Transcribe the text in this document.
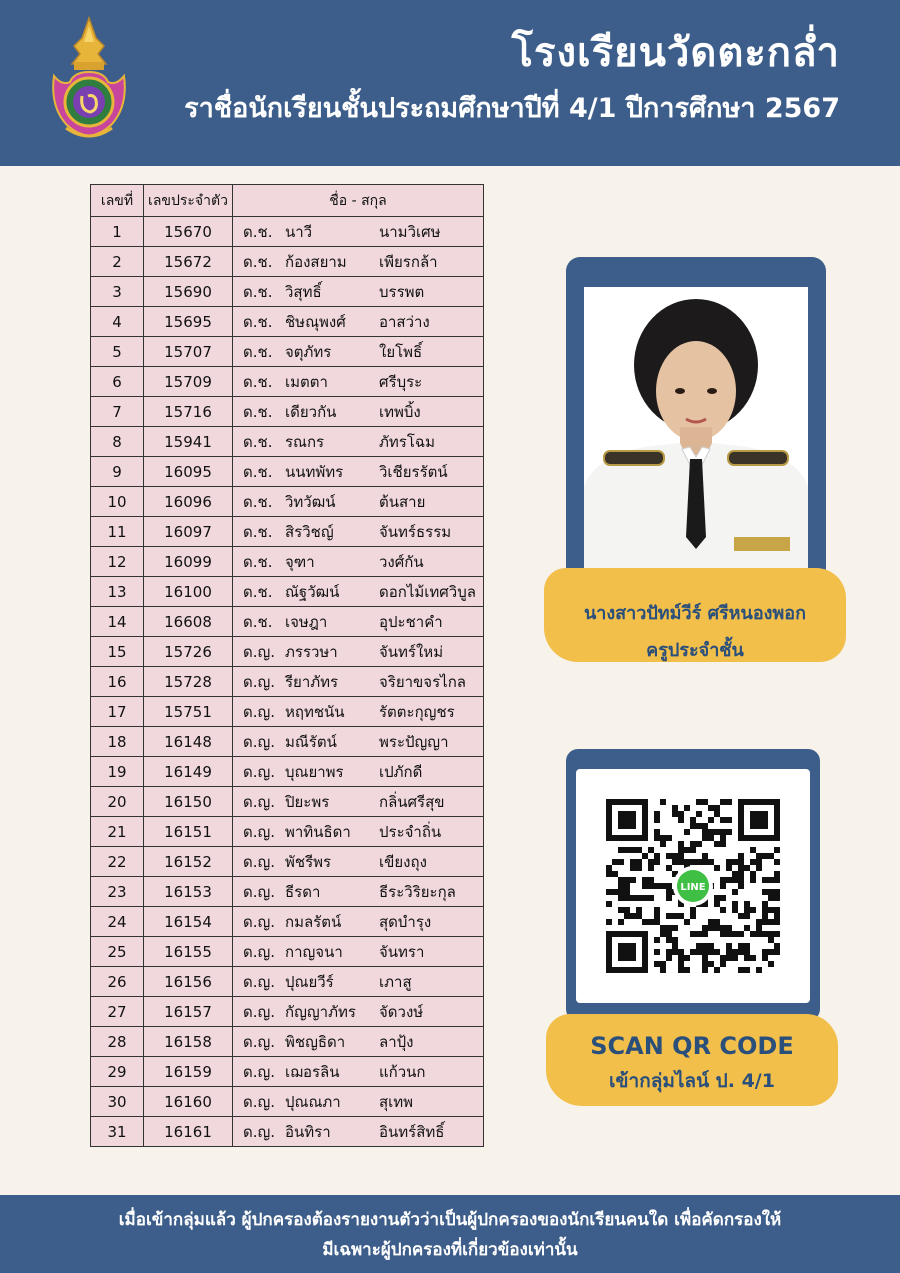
โรงเรียนวัดตะกล่ำ
ราชื่อนักเรียนชั้นประถมศึกษาปีที่ 4/1 ปีการศึกษา 2567
เลขที่	เลขประจำตัว	ชื่อ - สกุล
1	15670	ด.ช. นาวี นามวิเศษ
2	15672	ด.ช. ก้องสยาม เพียรกล้า
3	15690	ด.ช. วิสุทธิ์ บรรพต
4	15695	ด.ช. ชิษณุพงศ์ อาสว่าง
5	15707	ด.ช. จตุภัทร ใยโพธิ์
6	15709	ด.ช. เมตตา ศรีบุระ
7	15716	ด.ช. เดียวกัน เทพบิ้ง
8	15941	ด.ช. รณกร ภัทรโฉม
9	16095	ด.ช. นนทพัทร วิเชียรรัตน์
10	16096	ด.ช. วิทวัฒน์ ต้นสาย
11	16097	ด.ช. สิรวิชญ์ จันทร์ธรรม
12	16099	ด.ช. จุฑา วงศ์กัน
13	16100	ด.ช. ณัฐวัฒน์ ดอกไม้เทศวิบูล
14	16608	ด.ช. เจษฎา อุปะชาคำ
15	15726	ด.ญ. ภรรวษา จันทร์ใหม่
16	15728	ด.ญ. รียาภัทร จริยาขจรไกล
17	15751	ด.ญ. หฤทชนัน รัตตะกุญชร
18	16148	ด.ญ. มณีรัตน์ พระปัญญา
19	16149	ด.ญ. บุณยาพร เปภักดี
20	16150	ด.ญ. ปิยะพร กลิ่นศรีสุข
21	16151	ด.ญ. พาทินธิดา ประจำถิ่น
22	16152	ด.ญ. พัชรีพร เขียงถุง
23	16153	ด.ญ. ธีรดา ธีระวิริยะกุล
24	16154	ด.ญ. กมลรัตน์ สุดบำรุง
25	16155	ด.ญ. กาญจนา จันทรา
26	16156	ด.ญ. ปุณยวีร์ เภาสู
27	16157	ด.ญ. กัญญาภัทร จัดวงษ์
28	16158	ด.ญ. พิชญธิดา ลาปุ้ง
29	16159	ด.ญ. เฌอรลิน แก้วนก
30	16160	ด.ญ. ปุณณภา สุเทพ
31	16161	ด.ญ. อินทิรา อินทร์สิทธิ์
นางสาวปัทม์วีร์ ศรีหนองพอก
ครูประจำชั้น
LINE
SCAN QR CODE
เข้ากลุ่มไลน์ ป. 4/1
เมื่อเข้ากลุ่มแล้ว ผู้ปกครองต้องรายงานตัวว่าเป็นผู้ปกครองของนักเรียนคนใด เพื่อคัดกรองให้
มีเฉพาะผู้ปกครองที่เกี่ยวข้องเท่านั้น
